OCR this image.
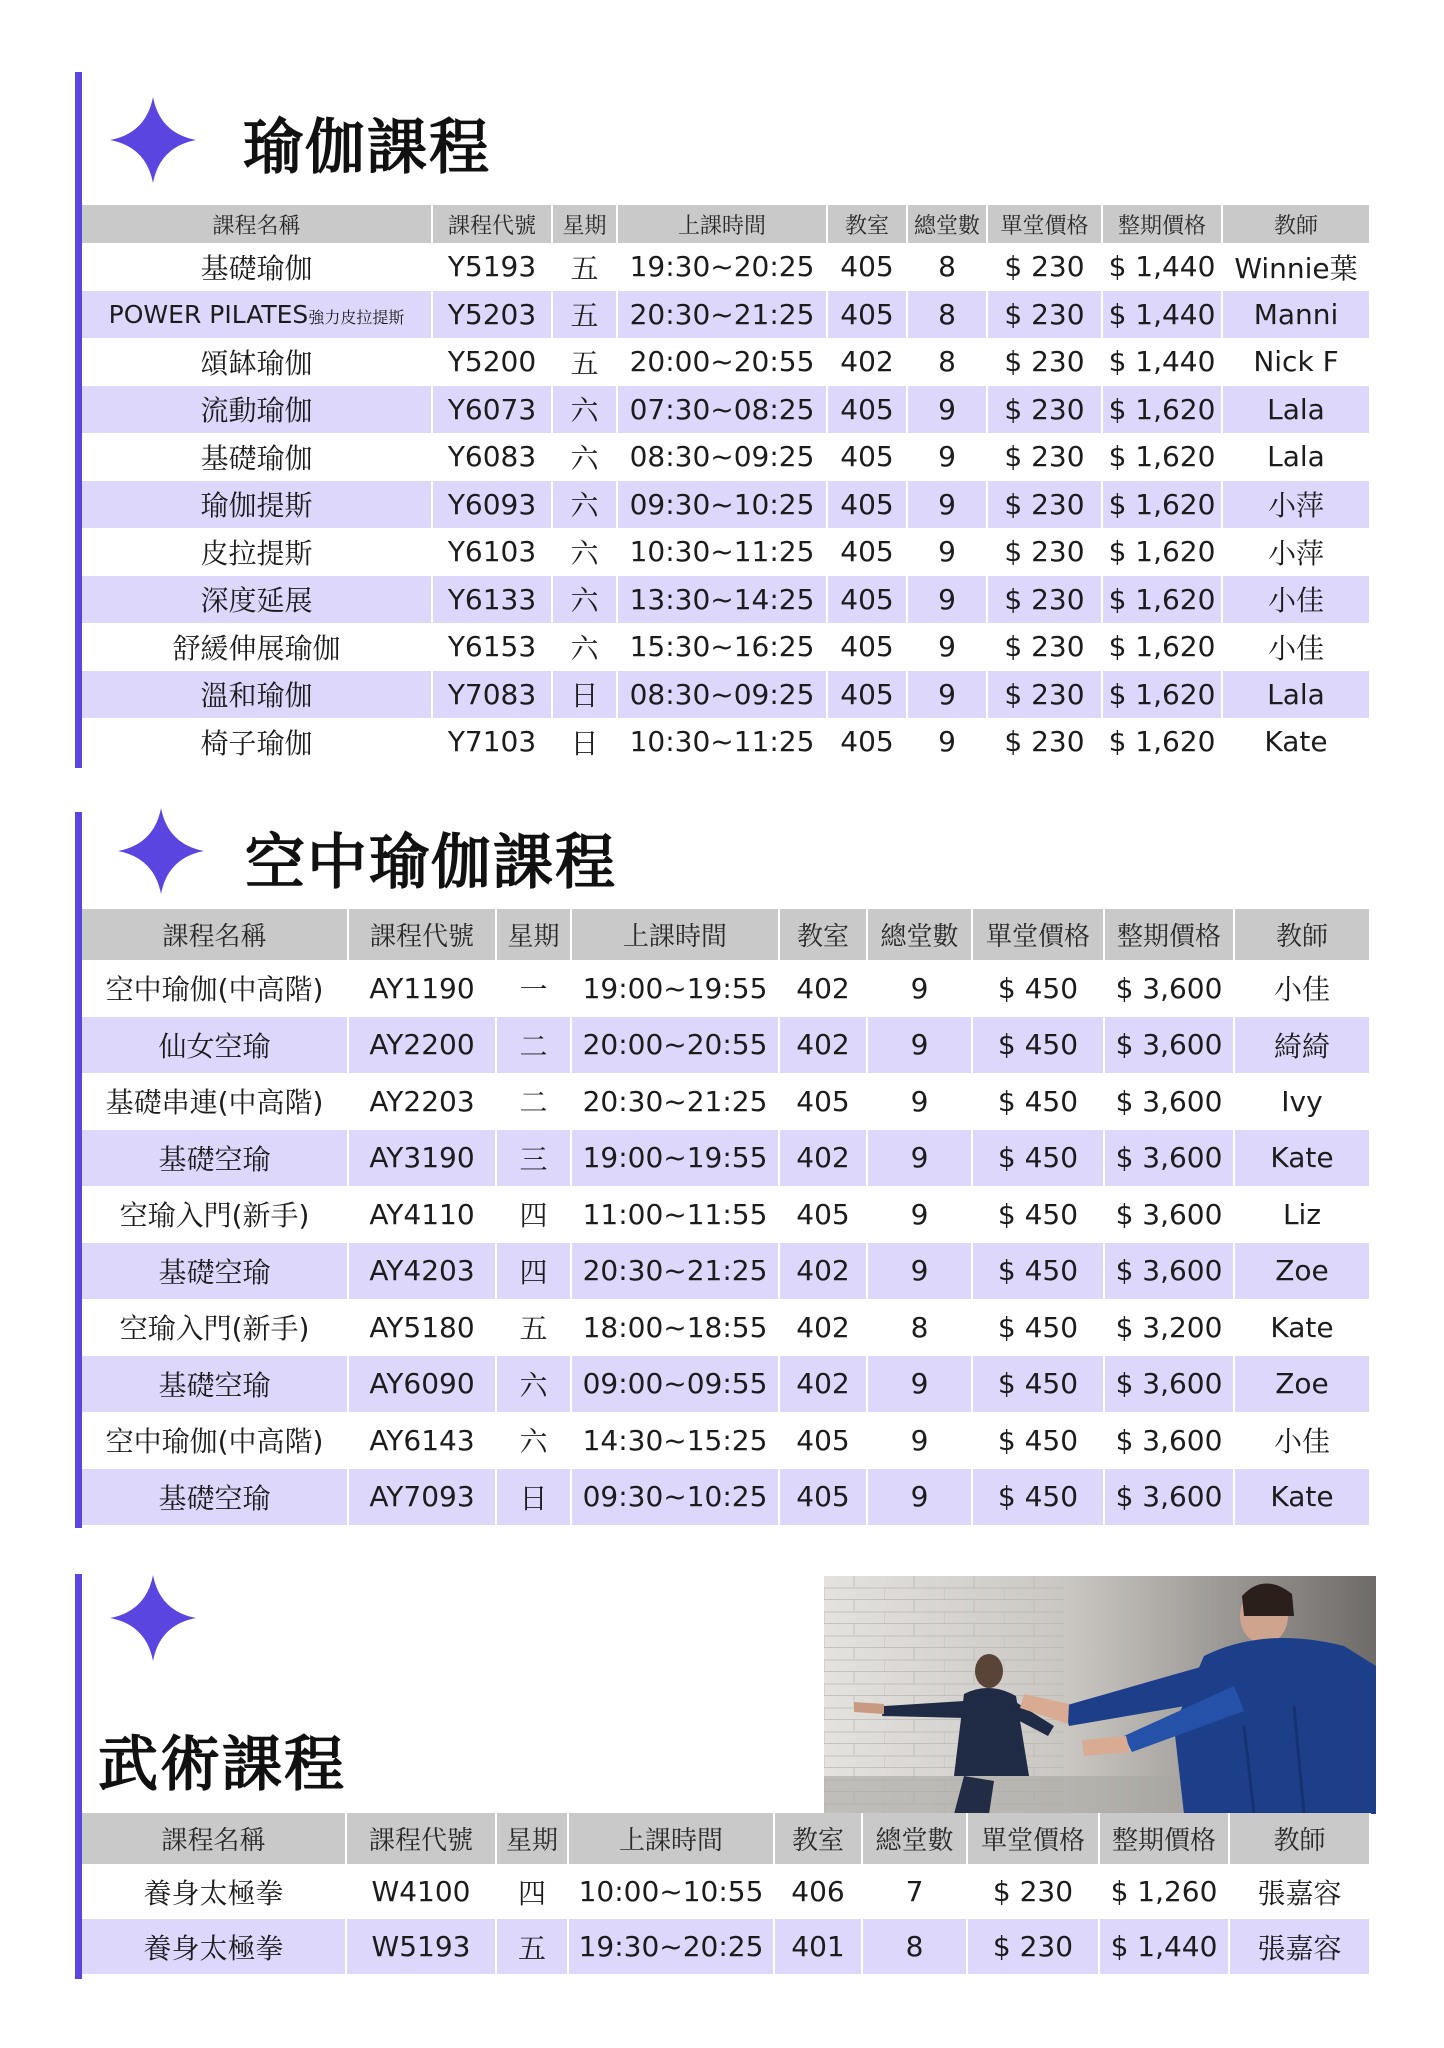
瑜伽課程
課程名稱	課程代號	星期	上課時間	教室	總堂數	單堂價格	整期價格	教師
基礎瑜伽	Y5193	五	19:30~20:25	405	8	$ 230	$ 1,440	Winnie葉
POWER PILATES強力皮拉提斯	Y5203	五	20:30~21:25	405	8	$ 230	$ 1,440	Manni
頌缽瑜伽	Y5200	五	20:00~20:55	402	8	$ 230	$ 1,440	Nick F
流動瑜伽	Y6073	六	07:30~08:25	405	9	$ 230	$ 1,620	Lala
基礎瑜伽	Y6083	六	08:30~09:25	405	9	$ 230	$ 1,620	Lala
瑜伽提斯	Y6093	六	09:30~10:25	405	9	$ 230	$ 1,620	小萍
皮拉提斯	Y6103	六	10:30~11:25	405	9	$ 230	$ 1,620	小萍
深度延展	Y6133	六	13:30~14:25	405	9	$ 230	$ 1,620	小佳
舒緩伸展瑜伽	Y6153	六	15:30~16:25	405	9	$ 230	$ 1,620	小佳
溫和瑜伽	Y7083	日	08:30~09:25	405	9	$ 230	$ 1,620	Lala
椅子瑜伽	Y7103	日	10:30~11:25	405	9	$ 230	$ 1,620	Kate
空中瑜伽課程
課程名稱	課程代號	星期	上課時間	教室	總堂數	單堂價格	整期價格	教師
空中瑜伽(中高階)	AY1190	一	19:00~19:55	402	9	$ 450	$ 3,600	小佳
仙女空瑜	AY2200	二	20:00~20:55	402	9	$ 450	$ 3,600	綺綺
基礎串連(中高階)	AY2203	二	20:30~21:25	405	9	$ 450	$ 3,600	Ivy
基礎空瑜	AY3190	三	19:00~19:55	402	9	$ 450	$ 3,600	Kate
空瑜入門(新手)	AY4110	四	11:00~11:55	405	9	$ 450	$ 3,600	Liz
基礎空瑜	AY4203	四	20:30~21:25	402	9	$ 450	$ 3,600	Zoe
空瑜入門(新手)	AY5180	五	18:00~18:55	402	8	$ 450	$ 3,200	Kate
基礎空瑜	AY6090	六	09:00~09:55	402	9	$ 450	$ 3,600	Zoe
空中瑜伽(中高階)	AY6143	六	14:30~15:25	405	9	$ 450	$ 3,600	小佳
基礎空瑜	AY7093	日	09:30~10:25	405	9	$ 450	$ 3,600	Kate
武術課程
課程名稱	課程代號	星期	上課時間	教室	總堂數	單堂價格	整期價格	教師
養身太極拳	W4100	四	10:00~10:55	406	7	$ 230	$ 1,260	張嘉容
養身太極拳	W5193	五	19:30~20:25	401	8	$ 230	$ 1,440	張嘉容
